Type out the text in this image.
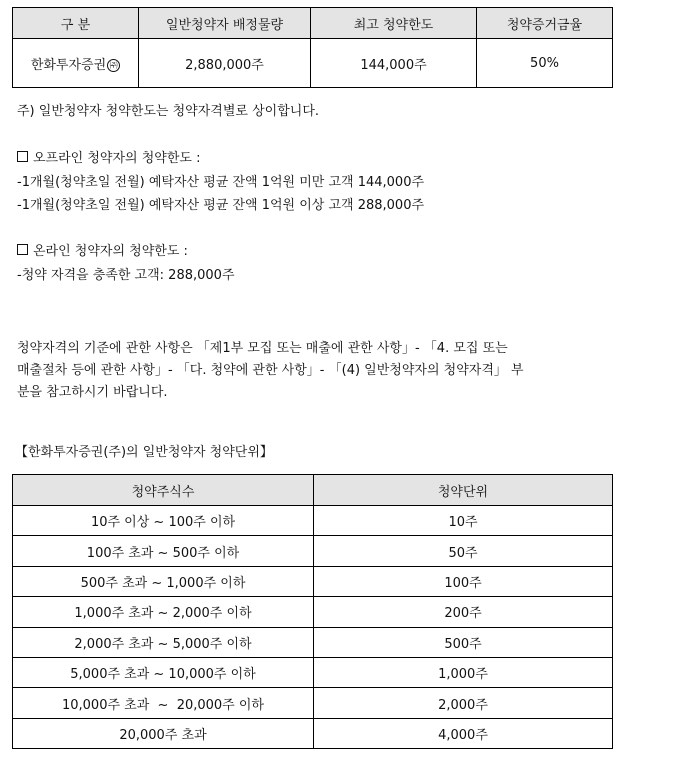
구 분	일반청약자 배정물량	최고 청약한도	청약증거금율
한화투자증권 ㈜	2,880,000주	144,000주	50%
주) 일반청약자 청약한도는 청약자격별로 상이합니다.
오프라인 청약자의 청약한도 :
-1개월(청약초일 전월) 예탁자산 평균 잔액 1억원 미만 고객 144,000주
-1개월(청약초일 전월) 예탁자산 평균 잔액 1억원 이상 고객 288,000주
온라인 청약자의 청약한도 :
-청약 자격을 충족한 고객: 288,000주
청약자격의 기준에 관한 사항은 「제1부 모집 또는 매출에 관한 사항」- 「4. 모집 또는
매출절차 등에 관한 사항」- 「다. 청약에 관한 사항」- 「(4) 일반청약자의 청약자격」 부
분을 참고하시기 바랍니다.
【한화투자증권(주)의 일반청약자 청약단위】
청약주식수	청약단위
10주 이상 ~ 100주 이하	10주
100주 초과 ~ 500주 이하	50주
500주 초과 ~ 1,000주 이하	100주
1,000주 초과 ~ 2,000주 이하	200주
2,000주 초과 ~ 5,000주 이하	500주
5,000주 초과 ~ 10,000주 이하	1,000주
10,000주 초과  ~  20,000주 이하	2,000주
20,000주 초과	4,000주
